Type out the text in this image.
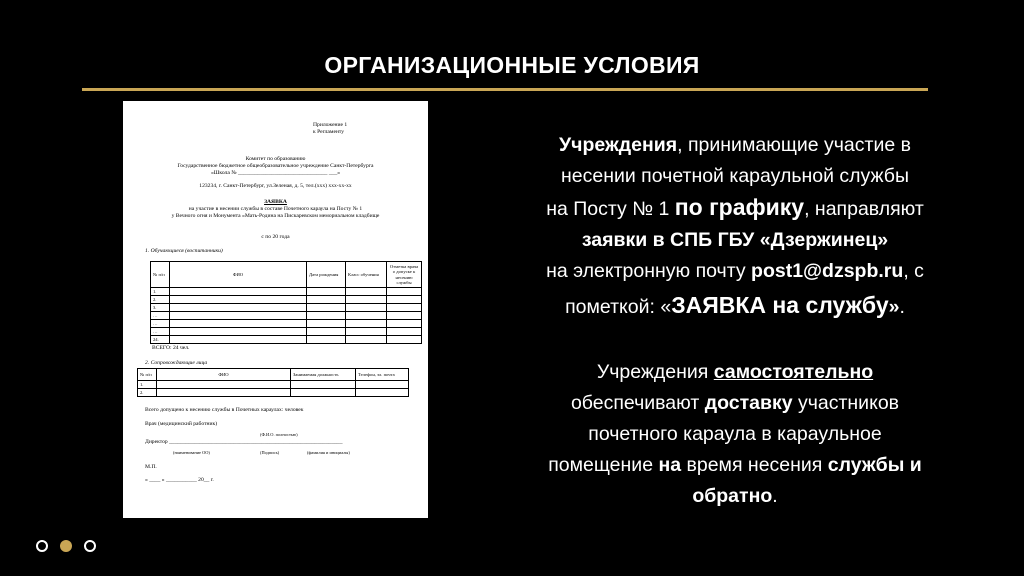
ОРГАНИЗАЦИОННЫЕ УСЛОВИЯ
Приложение 1
к Регламенту
Комитет по образованию
Государственное бюджетное общеобразовательное учреждение Санкт-Петербурга
«Школа № ________________________________ ___»
123234, г. Санкт-Петербург, ул.Зеленая, д. 5, тел.(ххх) ххх-хх-хх
ЗАЯВКА
на участие в несении службы в составе Почетного караула на Посту № 1
у Вечного огня и Монумента «Мать-Родина на Пискаревском мемориальном кладбище
с по 20 года
1. Обучающиеся (воспитанники)
№ п/п	ФИО	Дата рождения	Класс обучения	Отметка врача о допуске к несению службы
1.				
2.				
3.				
…				
…				
…				
24.				
ВСЕГО: 24 чел.
2. Сопровождающие лица
№ п/п	ФИО	Занимаемая должность	Телефон, эл. почта
1.			
2.			
Всего допущено к несению службы в Почетных караулах: человек
Врач (медицинский работник)
(Ф.И.О. полностью)
Директор ______________________________________________________________
(наименование ОО)	(Подпись)	(фамилия и инициалы)
М.П.
« ____ » ___________ 20__ г.
Учреждения, принимающие участие в
несении почетной караульной службы
на Посту № 1 по графику, направляют
заявки в СПБ ГБУ «Дзержинец»
на электронную почту post1@dzspb.ru, с
пометкой: «ЗАЯВКА на службу».
Учреждения самостоятельно
обеспечивают доставку участников
почетного караула в караульное
помещение на время несения службы и
обратно.
